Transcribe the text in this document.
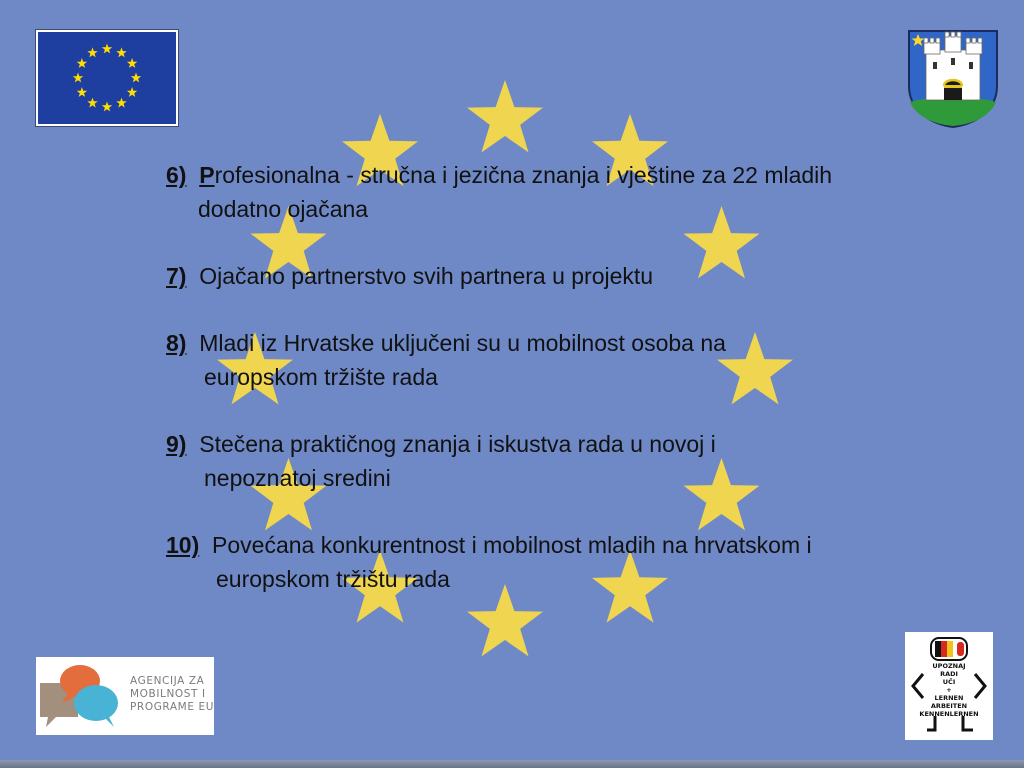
6) Profesionalna - stručna i jezična znanja i vještine za 22 mladih
dodatno ojačana
7) Ojačano partnerstvo svih partnera u projektu
8) Mladi iz Hrvatske uključeni su u mobilnost osoba na
europskom tržište rada
9) Stečena praktičnog znanja i iskustva rada u novoj i
nepoznatoj sredini
10) Povećana konkurentnost i mobilnost mladih na hrvatskom i
europskom tržištu rada
AGENCIJA ZA
MOBILNOST I
PROGRAME EU
UPOZNAJ
RADI
UČI
+
LERNEN
ARBEITEN
KENNENLERNEN
